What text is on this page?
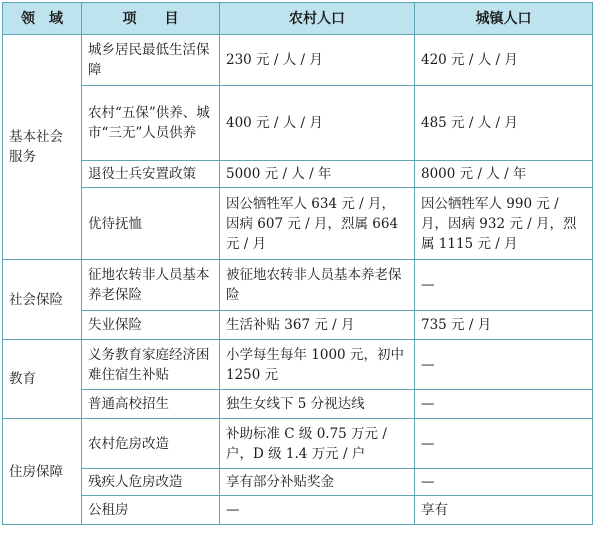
领　域	项　　目	农村人口	城镇人口
基本社会服务	城乡居民最低生活保障	230 元 / 人 / 月	420 元 / 人 / 月
	农村“五保”供养、城市“三无”人员供养	400 元 / 人 / 月	485 元 / 人 / 月
	退役士兵安置政策	5000 元 / 人 / 年	8000 元 / 人 / 年
	优待抚恤	因公牺牲军人 634 元 / 月，因病 607 元 / 月，烈属 664 元 / 月	因公牺牲军人 990 元 / 月，因病 932 元 / 月，烈属 1115 元 / 月
社会保险	征地农转非人员基本养老保险	被征地农转非人员基本养老保险	—
	失业保险	生活补贴 367 元 / 月	735 元 / 月
教育	义务教育家庭经济困难住宿生补贴	小学每生每年 1000 元，初中 1250 元	—
	普通高校招生	独生女线下 5 分视达线	—
住房保障	农村危房改造	补助标准 C 级 0.75 万元 / 户，D 级 1.4 万元 / 户	—
	残疾人危房改造	享有部分补贴奖金	—
	公租房	—	享有
